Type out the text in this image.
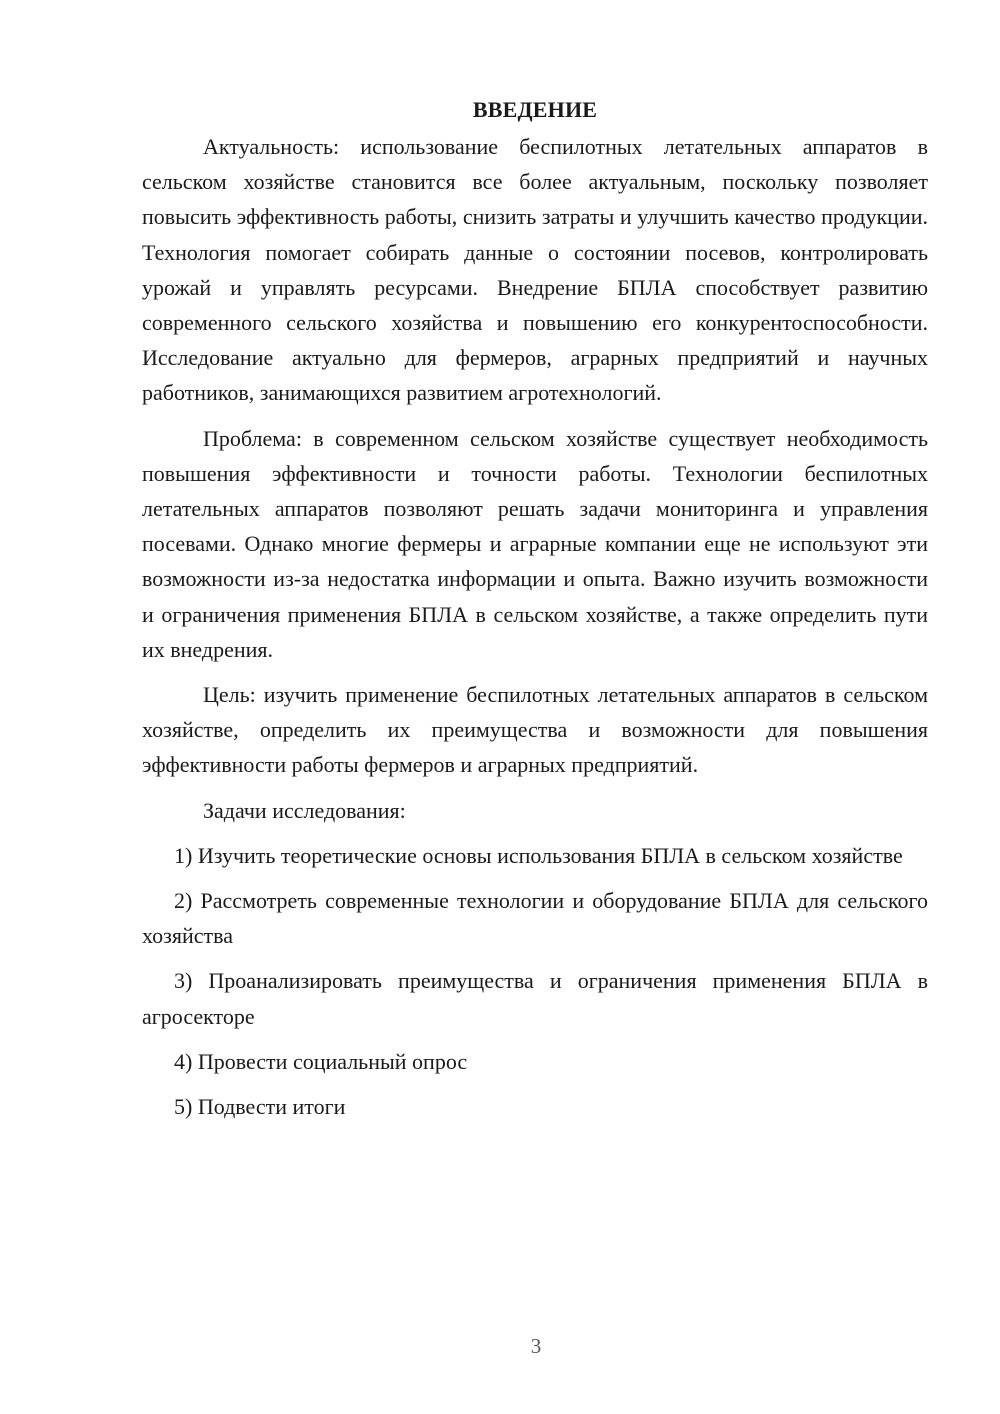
ВВЕДЕНИЕ

Актуальность: использование беспилотных летательных аппаратов в сельском хозяйстве становится все более актуальным, поскольку позволяет повысить эффективность работы, снизить затраты и улучшить качество продукции. Технология помогает собирать данные о состоянии посевов, контролировать урожай и управлять ресурсами. Внедрение БПЛА способствует развитию современного сельского хозяйства и повышению его конкурентоспособности. Исследование актуально для фермеров, аграрных предприятий и научных работников, занимающихся развитием агротехнологий.

Проблема: в современном сельском хозяйстве существует необходимость повышения эффективности и точности работы. Технологии беспилотных летательных аппаратов позволяют решать задачи мониторинга и управления посевами. Однако многие фермеры и аграрные компании еще не используют эти возможности из-за недостатка информации и опыта. Важно изучить возможности и ограничения применения БПЛА в сельском хозяйстве, а также определить пути их внедрения.

Цель: изучить применение беспилотных летательных аппаратов в сельском хозяйстве, определить их преимущества и возможности для повышения эффективности работы фермеров и аграрных предприятий.

Задачи исследования:

1) Изучить теоретические основы использования БПЛА в сельском хозяйстве

2) Рассмотреть современные технологии и оборудование БПЛА для сельского хозяйства

3) Проанализировать преимущества и ограничения применения БПЛА в агросекторе

4) Провести социальный опрос

5) Подвести итоги

3
